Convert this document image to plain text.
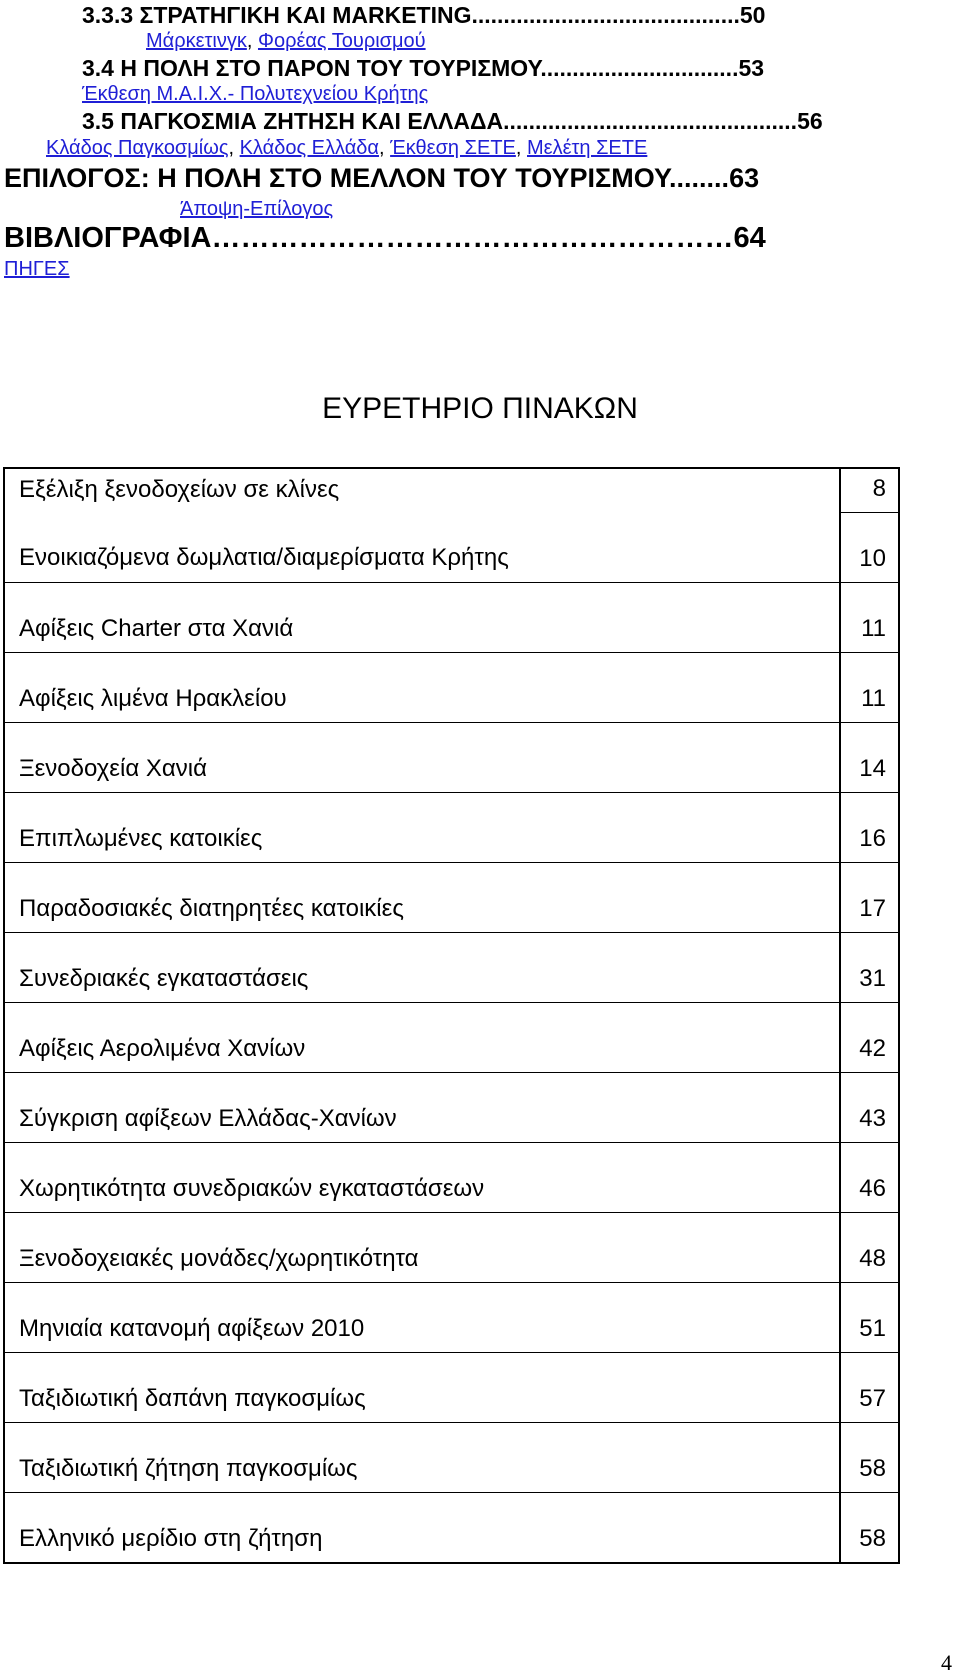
3.3.3 ΣΤΡΑΤΗΓΙΚΗ ΚΑΙ MARKETING..........................................50
Μάρκετινγκ, Φορέας Τουρισμού
3.4 Η ΠΟΛΗ ΣΤΟ ΠΑΡΟΝ ΤΟΥ ΤΟΥΡΙΣΜΟΥ...............................53
Έκθεση Μ.Α.Ι.Χ.- Πολυτεχνείου Κρήτης
3.5 ΠΑΓΚΟΣΜΙΑ ΖΗΤΗΣΗ ΚΑΙ ΕΛΛΑΔΑ..............................................56
Κλάδος Παγκοσμίως, Κλάδος Ελλάδα, Έκθεση ΣΕΤΕ, Μελέτη ΣΕΤΕ
ΕΠΙΛΟΓΟΣ: Η ΠΟΛΗ ΣΤΟ ΜΕΛΛΟΝ ΤΟΥ ΤΟΥΡΙΣΜΟΥ........63
Άποψη-Επίλογος
ΒΙΒΛΙΟΓΡΑΦΙΑ………………………………………………64
ΠΗΓΕΣ
ΕΥΡΕΤΗΡΙΟ ΠΙΝΑΚΩΝ
Εξέλιξη ξενοδοχείων σε κλίνες	8
Ενοικιαζόμενα δωμλατια/διαμερίσματα Κρήτης	10
Αφίξεις Charter στα Χανιά	11
Αφίξεις λιμένα Ηρακλείου	11
Ξενοδοχεία Χανιά	14
Επιπλωμένες κατοικίες	16
Παραδοσιακές διατηρητέες κατοικίες	17
Συνεδριακές εγκαταστάσεις	31
Αφίξεις Αερολιμένα Χανίων	42
Σύγκριση αφίξεων Ελλάδας-Χανίων	43
Χωρητικότητα συνεδριακών εγκαταστάσεων	46
Ξενοδοχειακές μονάδες/χωρητικότητα	48
Μηνιαία κατανομή αφίξεων 2010	51
Ταξιδιωτική δαπάνη παγκοσμίως	57
Ταξιδιωτική ζήτηση παγκοσμίως	58
Ελληνικό μερίδιο στη ζήτηση	58
4
